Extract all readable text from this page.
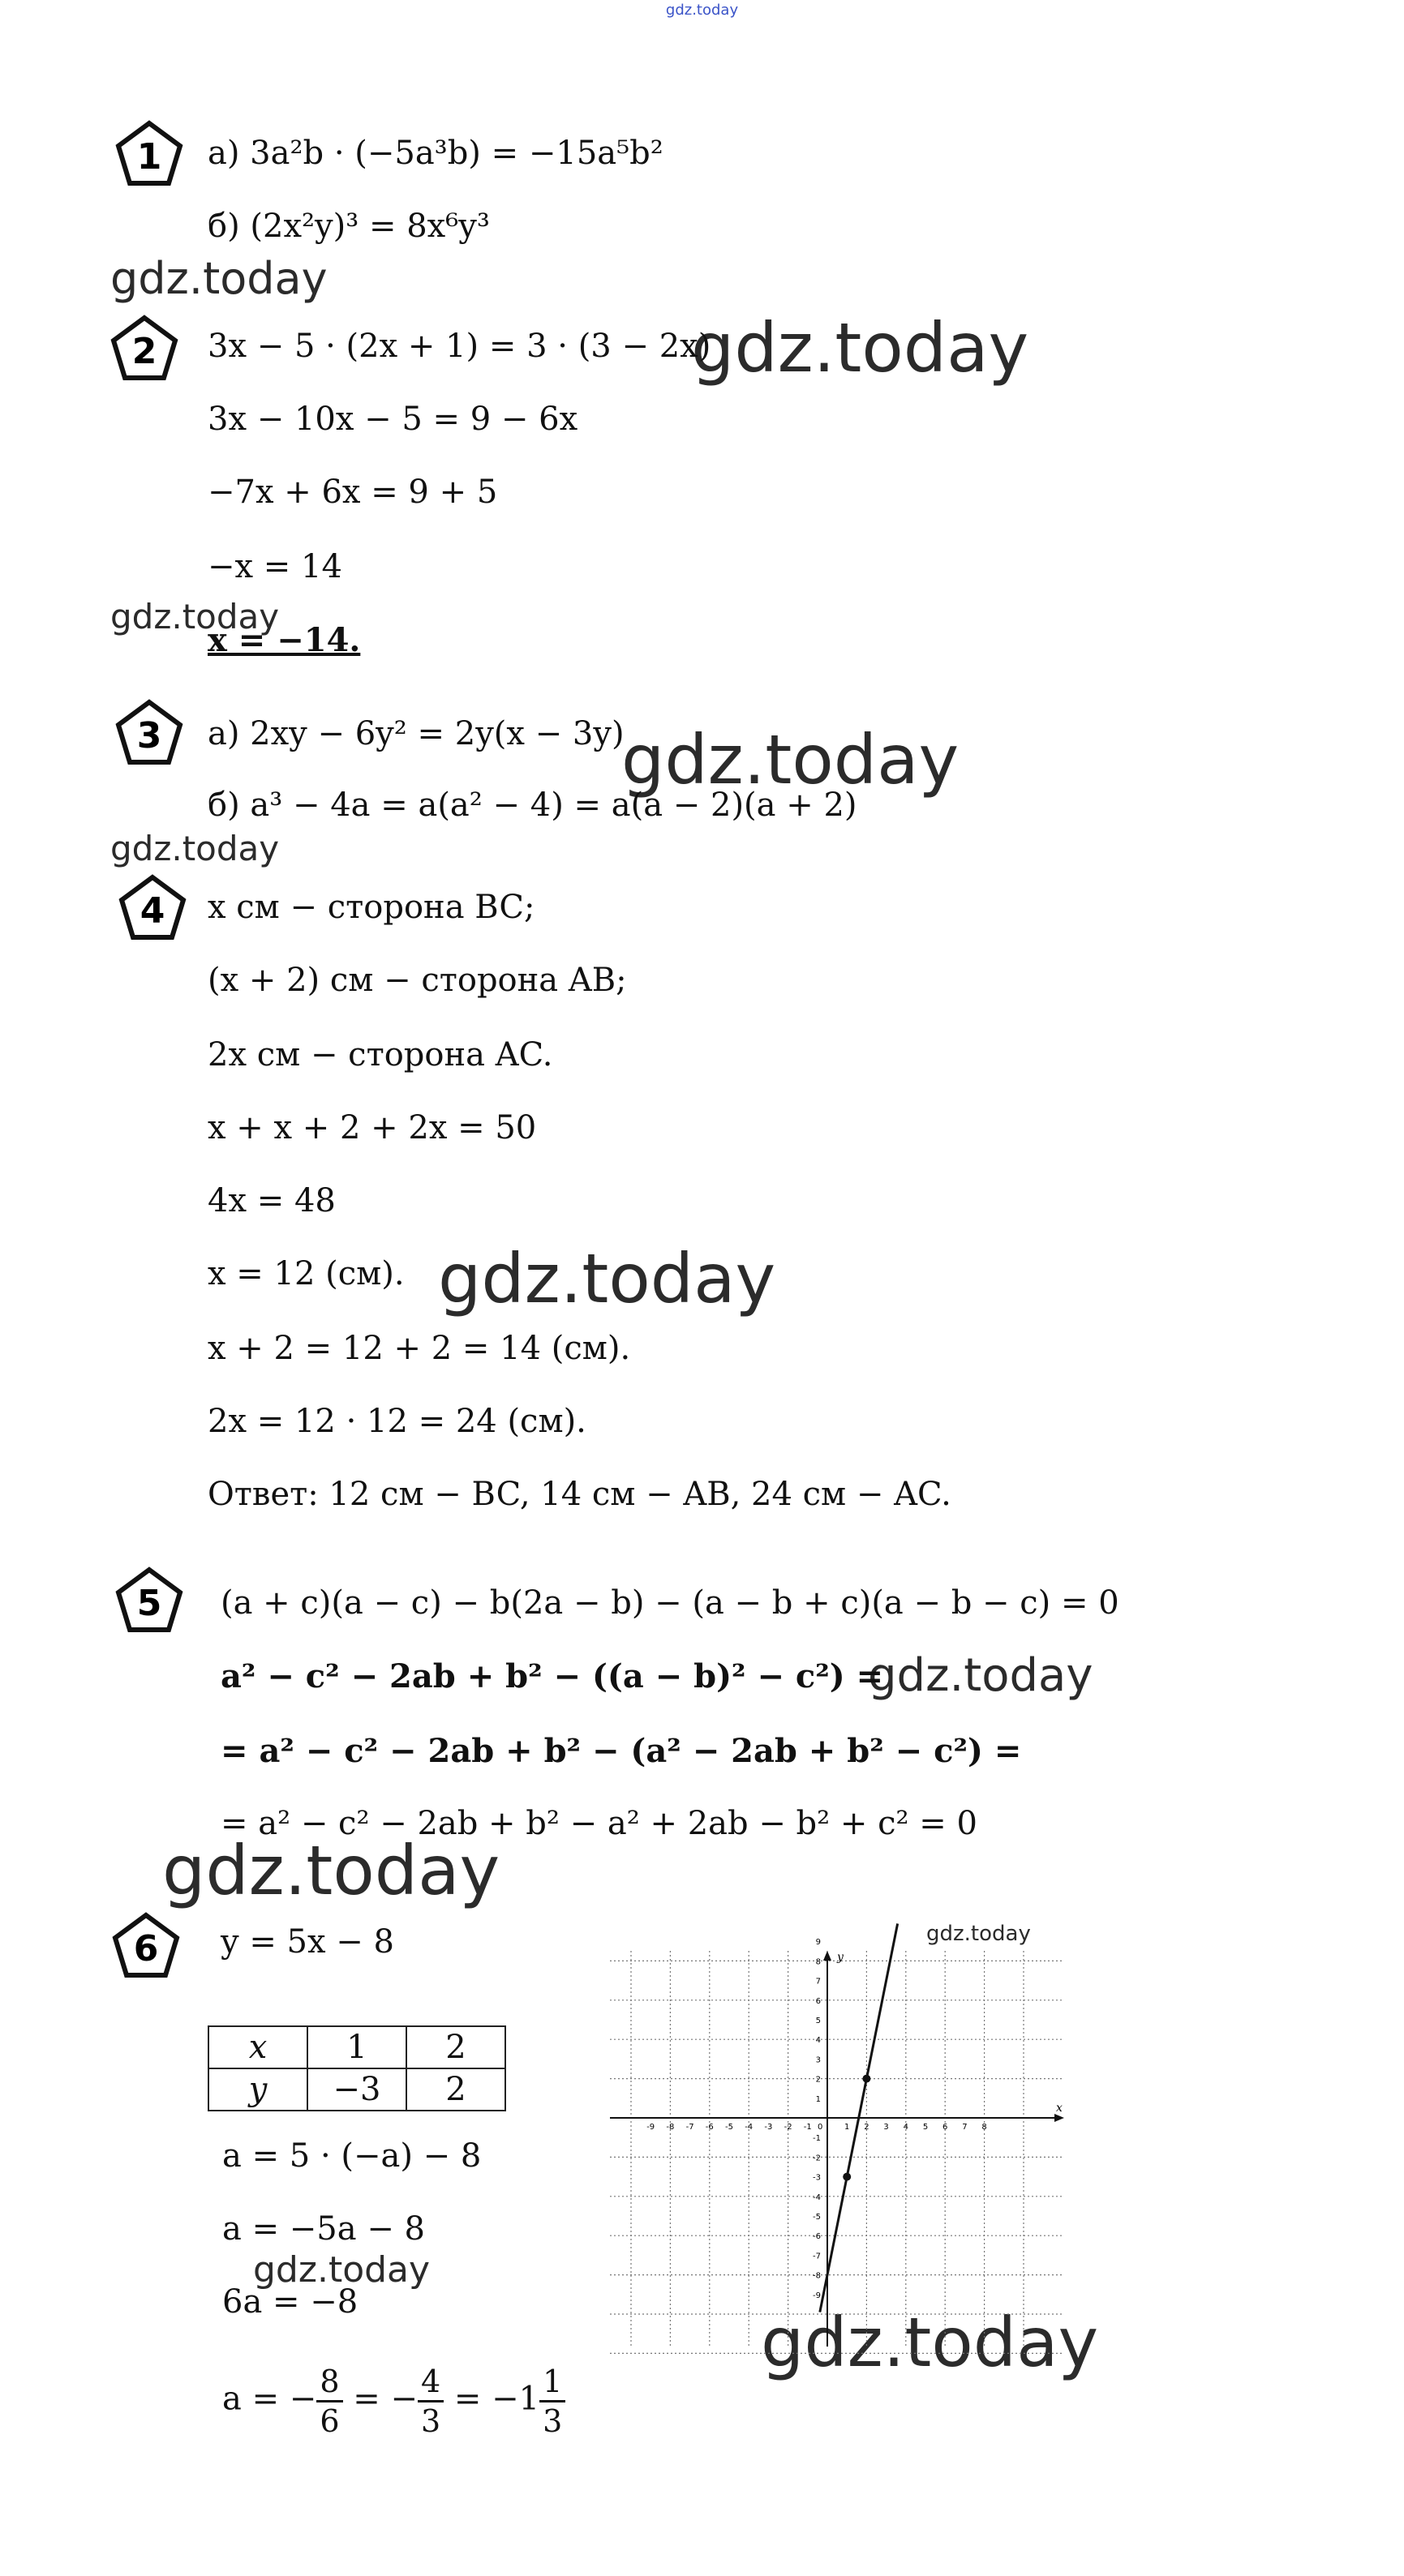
gdz.today
gdz.today
gdz.today
gdz.today
gdz.today
gdz.today
gdz.today
gdz.today
gdz.today
gdz.today
gdz.today
gdz.today
1
2
3
4
5
6
а) 3a²b · (−5a³b) = −15a⁵b²
б) (2x²y)³ = 8x⁶y³
3x − 5 · (2x + 1) = 3 · (3 − 2x)
3x − 10x − 5 = 9 − 6x
−7x + 6x = 9 + 5
−x = 14
x = −14.
а) 2xy − 6y² = 2y(x − 3y)
б) a³ − 4a = a(a² − 4) = a(a − 2)(a + 2)
x см − сторона BC;
(x + 2) см − сторона AB;
2x см − сторона AC.
x + x + 2 + 2x = 50
4x = 48
x = 12 (см).
x + 2 = 12 + 2 = 14 (см).
2x = 12 · 12 = 24 (см).
Ответ: 12 см − BC, 14 см − AB, 24 см − AC.
(a + c)(a − c) − b(2a − b) − (a − b + c)(a − b − c) = 0
a² − c² − 2ab + b² − ((a − b)² − c²) =
= a² − c² − 2ab + b² − (a² − 2ab + b² − c²) =
= a² − c² − 2ab + b² − a² + 2ab − b² + c² = 0
y = 5x − 8
x	1	2
y	−3	2
a = 5 · (−a) − 8
a = −5a − 8
6a = −8
a = − $\frac{8}{6}$ = − $\frac{4}{3} = -1 \frac{1}{3}$
x
y
0
-9 -8 -7 -6 -5 -4 -3 -2 -1	1 2 3 4 5 6 7 8
9
8
7
6
5
4
3
2
1
-1
-2
-3
-4
-5
-6
-7
-8
-9
